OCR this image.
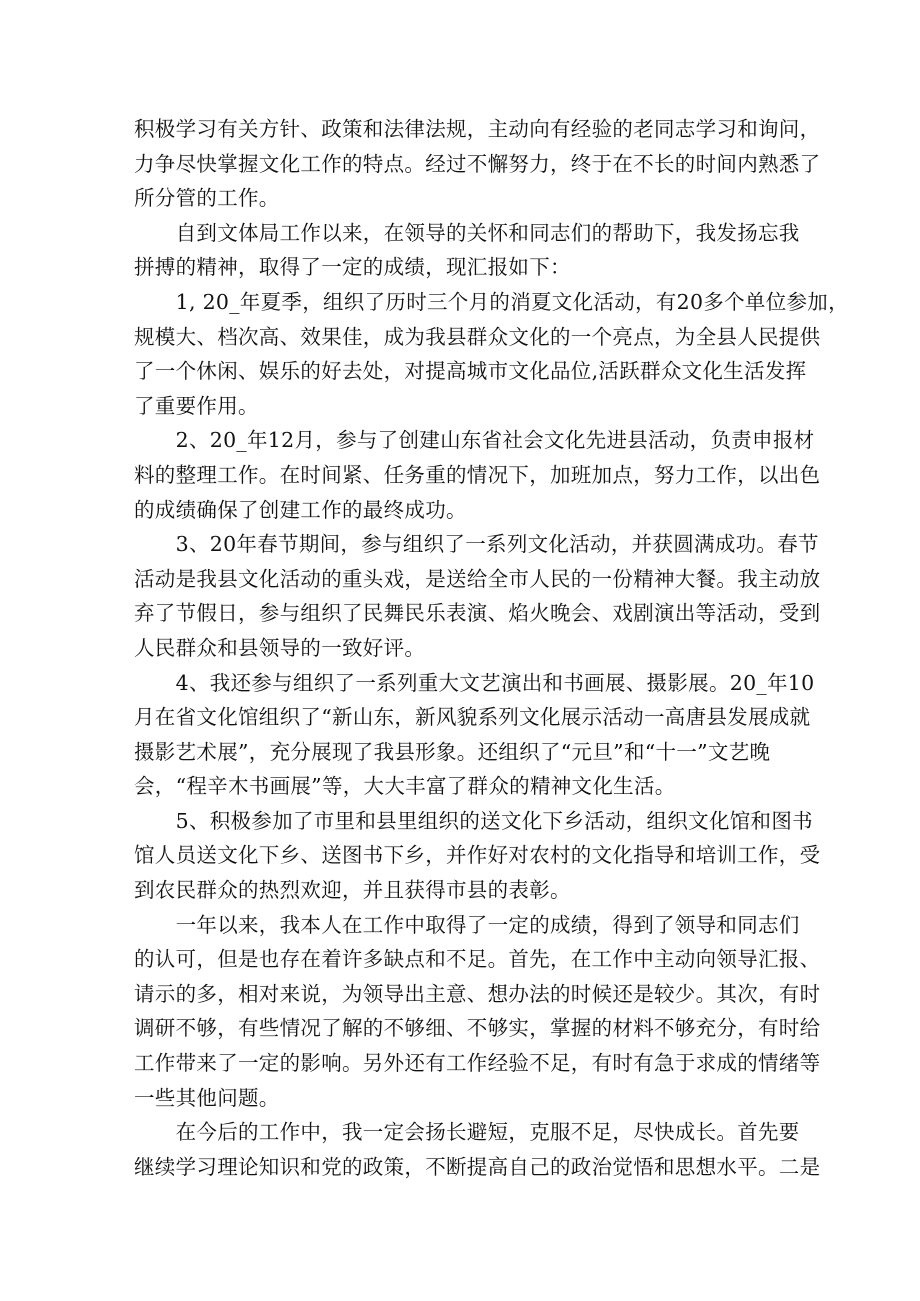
积极学习有关方针、政策和法律法规，主动向有经验的老同志学习和询问，
力争尽快掌握文化工作的特点。经过不懈努力，终于在不长的时间内熟悉了
所分管的工作。
　　自到文体局工作以来，在领导的关怀和同志们的帮助下，我发扬忘我
拼搏的精神，取得了一定的成绩，现汇报如下：
　　1, 20_年夏季，组织了历时三个月的消夏文化活动，有20多个单位参加，
规模大、档次高、效果佳，成为我县群众文化的一个亮点，为全县人民提供
了一个休闲、娱乐的好去处，对提高城市文化品位,活跃群众文化生活发挥
了重要作用。
　　2、20_年12月，参与了创建山东省社会文化先进县活动，负责申报材
料的整理工作。在时间紧、任务重的情况下，加班加点，努力工作，以出色
的成绩确保了创建工作的最终成功。
　　3、20年春节期间，参与组织了一系列文化活动，并获圆满成功。春节
活动是我县文化活动的重头戏，是送给全市人民的一份精神大餐。我主动放
弃了节假日，参与组织了民舞民乐表演、焰火晚会、戏剧演出等活动，受到
人民群众和县领导的一致好评。
　　4、我还参与组织了一系列重大文艺演出和书画展、摄影展。20_年10
月在省文化馆组织了“新山东，新风貌系列文化展示活动一高唐县发展成就
摄影艺术展”，充分展现了我县形象。还组织了“元旦”和“十一”文艺晚
会，“程辛木书画展”等，大大丰富了群众的精神文化生活。
　　5、积极参加了市里和县里组织的送文化下乡活动，组织文化馆和图书
馆人员送文化下乡、送图书下乡，并作好对农村的文化指导和培训工作，受
到农民群众的热烈欢迎，并且获得市县的表彰。
　　一年以来，我本人在工作中取得了一定的成绩，得到了领导和同志们
的认可，但是也存在着许多缺点和不足。首先，在工作中主动向领导汇报、
请示的多，相对来说，为领导出主意、想办法的时候还是较少。其次，有时
调研不够，有些情况了解的不够细、不够实，掌握的材料不够充分，有时给
工作带来了一定的影响。另外还有工作经验不足，有时有急于求成的情绪等
一些其他问题。
　　在今后的工作中，我一定会扬长避短，克服不足，尽快成长。首先要
继续学习理论知识和党的政策，不断提高自己的政治觉悟和思想水平。二是
